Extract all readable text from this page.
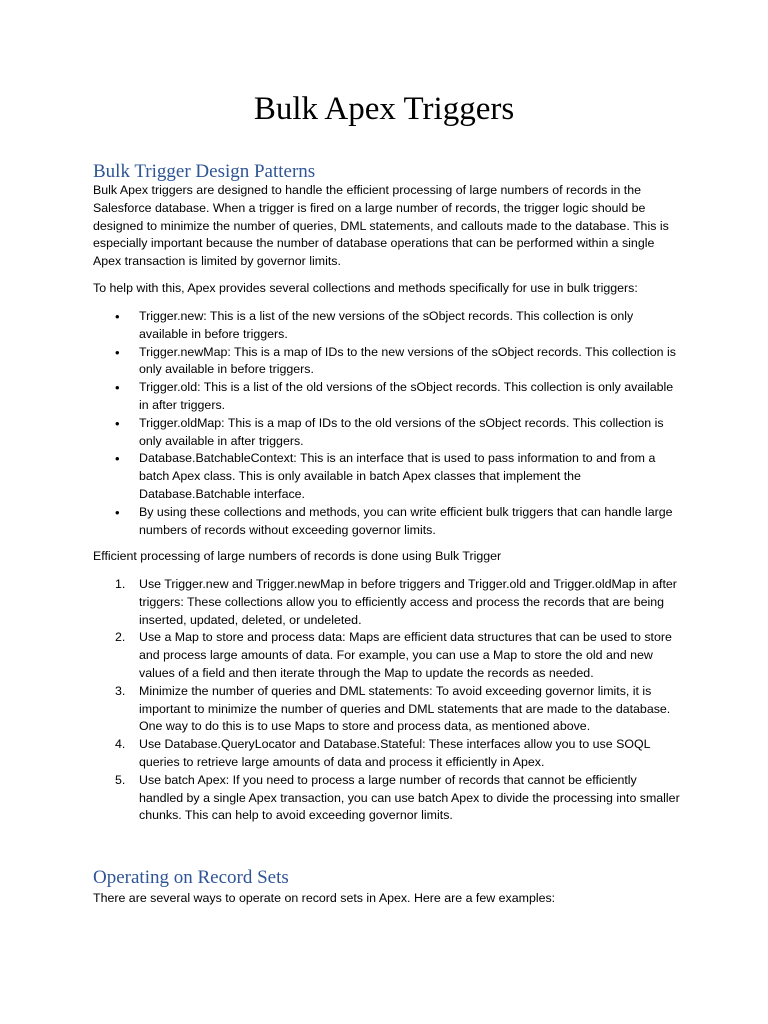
Bulk Apex Triggers
Bulk Trigger Design Patterns

Bulk Apex triggers are designed to handle the efficient processing of large numbers of records in the Salesforce database. When a trigger is fired on a large number of records, the trigger logic should be designed to minimize the number of queries, DML statements, and callouts made to the database. This is especially important because the number of database operations that can be performed within a single Apex transaction is limited by governor limits.

To help with this, Apex provides several collections and methods specifically for use in bulk triggers:

• Trigger.new: This is a list of the new versions of the sObject records. This collection is only available in before triggers.
• Trigger.newMap: This is a map of IDs to the new versions of the sObject records. This collection is only available in before triggers.
• Trigger.old: This is a list of the old versions of the sObject records. This collection is only available in after triggers.
• Trigger.oldMap: This is a map of IDs to the old versions of the sObject records. This collection is only available in after triggers.
• Database.BatchableContext: This is an interface that is used to pass information to and from a batch Apex class. This is only available in batch Apex classes that implement the Database.Batchable interface.
• By using these collections and methods, you can write efficient bulk triggers that can handle large numbers of records without exceeding governor limits.

Efficient processing of large numbers of records is done using Bulk Trigger

1. Use Trigger.new and Trigger.newMap in before triggers and Trigger.old and Trigger.oldMap in after triggers: These collections allow you to efficiently access and process the records that are being inserted, updated, deleted, or undeleted.
2. Use a Map to store and process data: Maps are efficient data structures that can be used to store and process large amounts of data. For example, you can use a Map to store the old and new values of a field and then iterate through the Map to update the records as needed.
3. Minimize the number of queries and DML statements: To avoid exceeding governor limits, it is important to minimize the number of queries and DML statements that are made to the database. One way to do this is to use Maps to store and process data, as mentioned above.
4. Use Database.QueryLocator and Database.Stateful: These interfaces allow you to use SOQL queries to retrieve large amounts of data and process it efficiently in Apex.
5. Use batch Apex: If you need to process a large number of records that cannot be efficiently handled by a single Apex transaction, you can use batch Apex to divide the processing into smaller chunks. This can help to avoid exceeding governor limits.
Operating on Record Sets

There are several ways to operate on record sets in Apex. Here are a few examples:
